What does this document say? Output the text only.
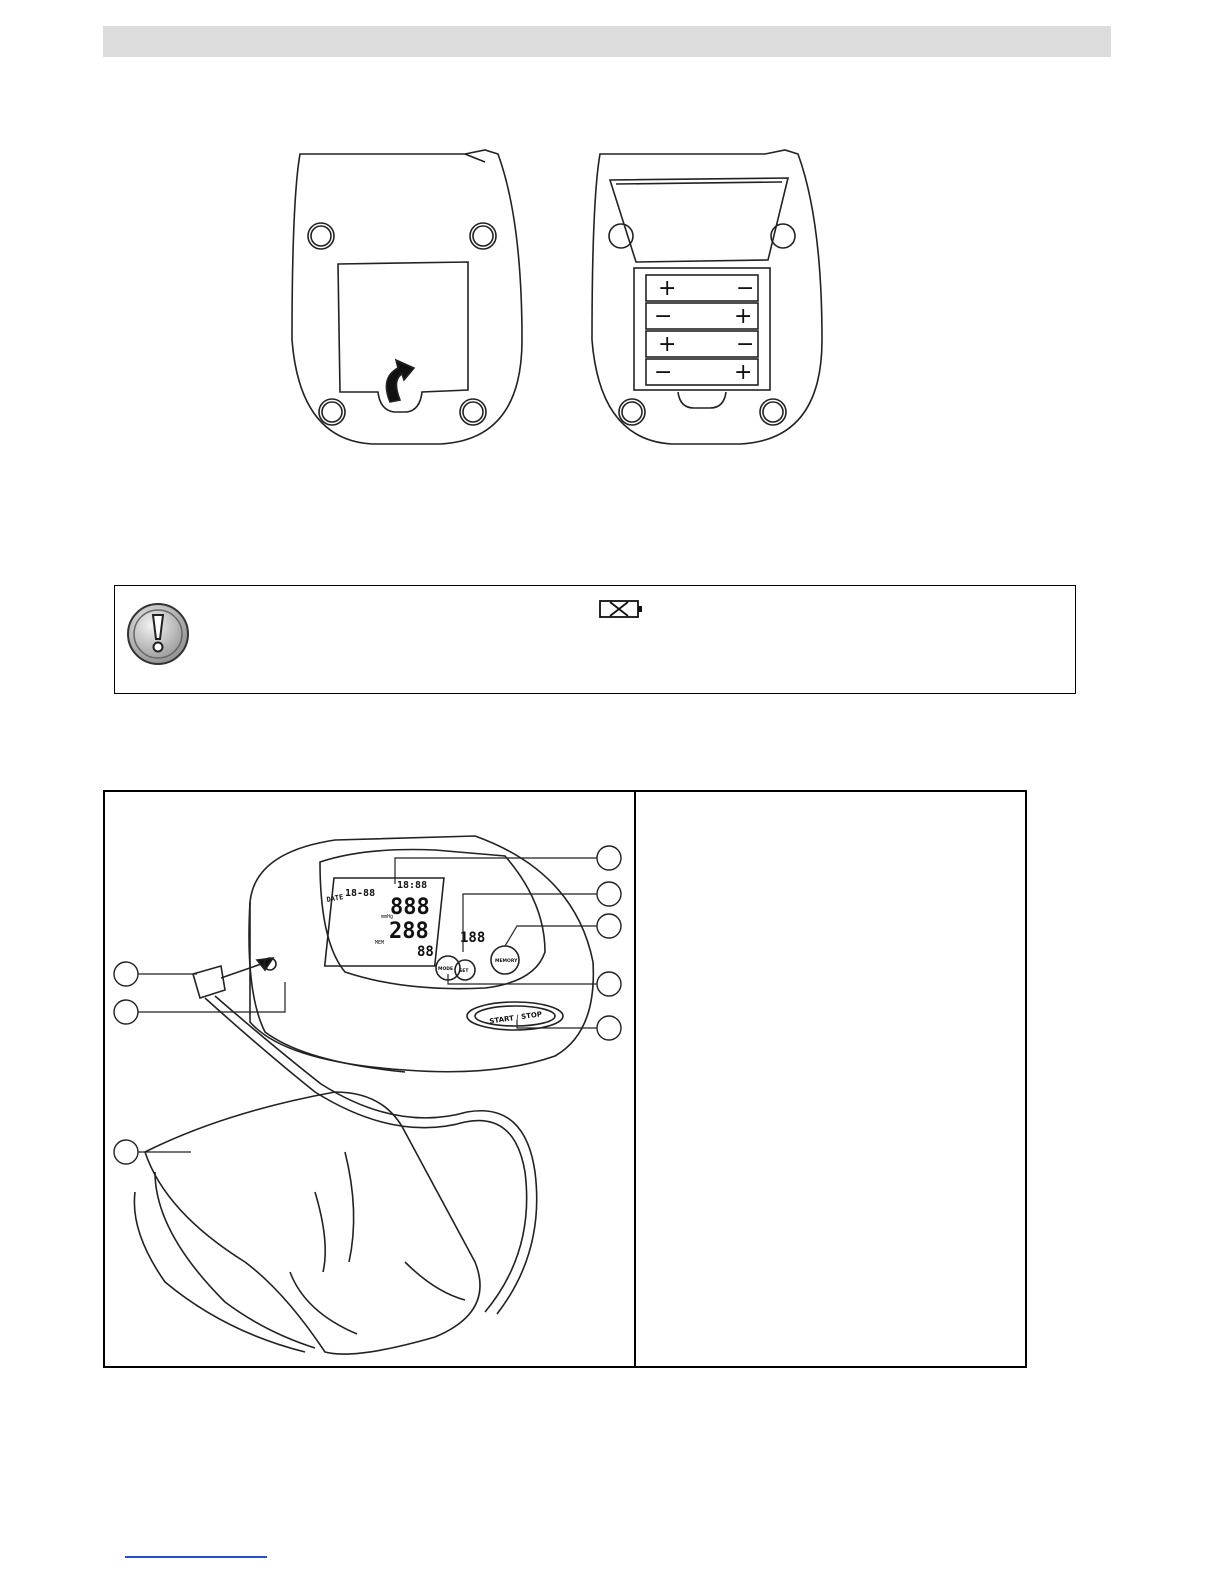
+	−
−	+
+	−
−	+
DATE 18-88
18:88
888
mmHg
288
MEM
88
188
START / STOP
MEMORY
SET
MODE
